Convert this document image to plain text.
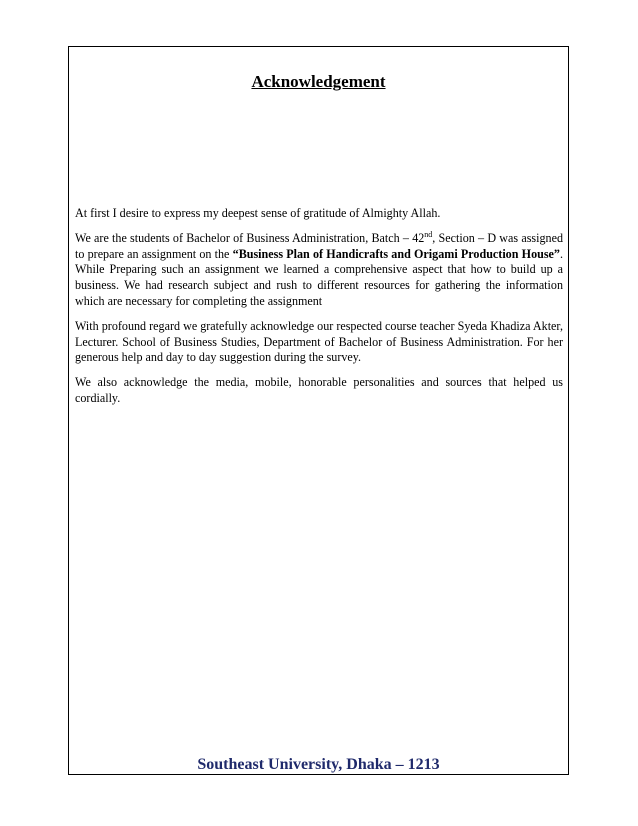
Acknowledgement

At first I desire to express my deepest sense of gratitude of Almighty Allah.

We are the students of Bachelor of Business Administration, Batch – 42nd, Section – D was assigned to prepare an assignment on the “Business Plan of Handicrafts and Origami Production House”. While Preparing such an assignment we learned a comprehensive aspect that how to build up a business. We had research subject and rush to different resources for gathering the information which are necessary for completing the assignment

With profound regard we gratefully acknowledge our respected course teacher Syeda Khadiza Akter, Lecturer. School of Business Studies, Department of Bachelor of Business Administration. For her generous help and day to day suggestion during the survey.

We also acknowledge the media, mobile, honorable personalities and sources that helped us cordially.

Southeast University, Dhaka – 1213
